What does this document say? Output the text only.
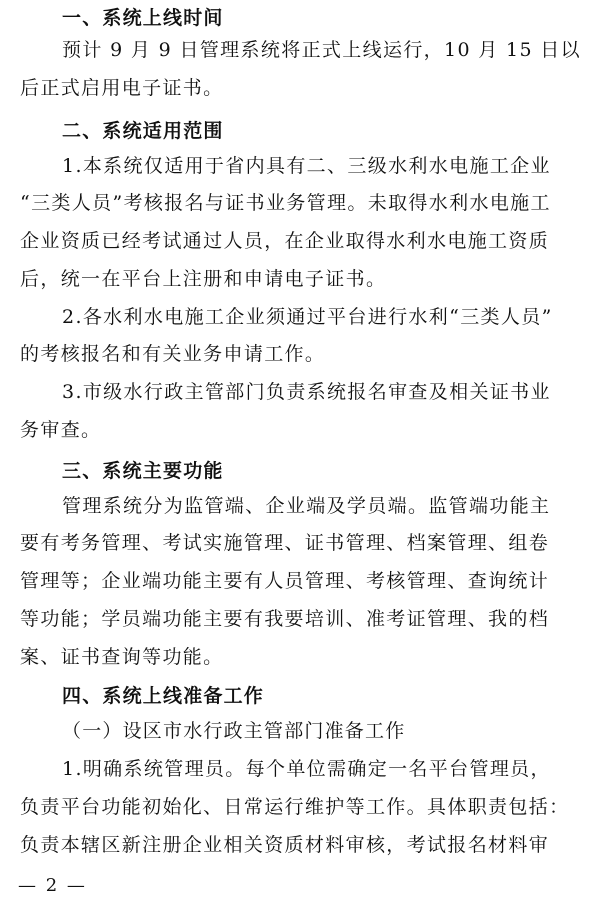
一、系统上线时间
预计 9 月 9 日管理系统将正式上线运行，10 月 15 日以
后正式启用电子证书。
二、系统适用范围
1.本系统仅适用于省内具有二、三级水利水电施工企业
“三类人员”考核报名与证书业务管理。未取得水利水电施工
企业资质已经考试通过人员，在企业取得水利水电施工资质
后，统一在平台上注册和申请电子证书。
2.各水利水电施工企业须通过平台进行水利“三类人员”
的考核报名和有关业务申请工作。
3.市级水行政主管部门负责系统报名审查及相关证书业
务审查。
三、系统主要功能
管理系统分为监管端、企业端及学员端。监管端功能主
要有考务管理、考试实施管理、证书管理、档案管理、组卷
管理等；企业端功能主要有人员管理、考核管理、查询统计
等功能；学员端功能主要有我要培训、准考证管理、我的档
案、证书查询等功能。
四、系统上线准备工作
（一）设区市水行政主管部门准备工作
1.明确系统管理员。每个单位需确定一名平台管理员，
负责平台功能初始化、日常运行维护等工作。具体职责包括：
负责本辖区新注册企业相关资质材料审核，考试报名材料审
— 2 —
